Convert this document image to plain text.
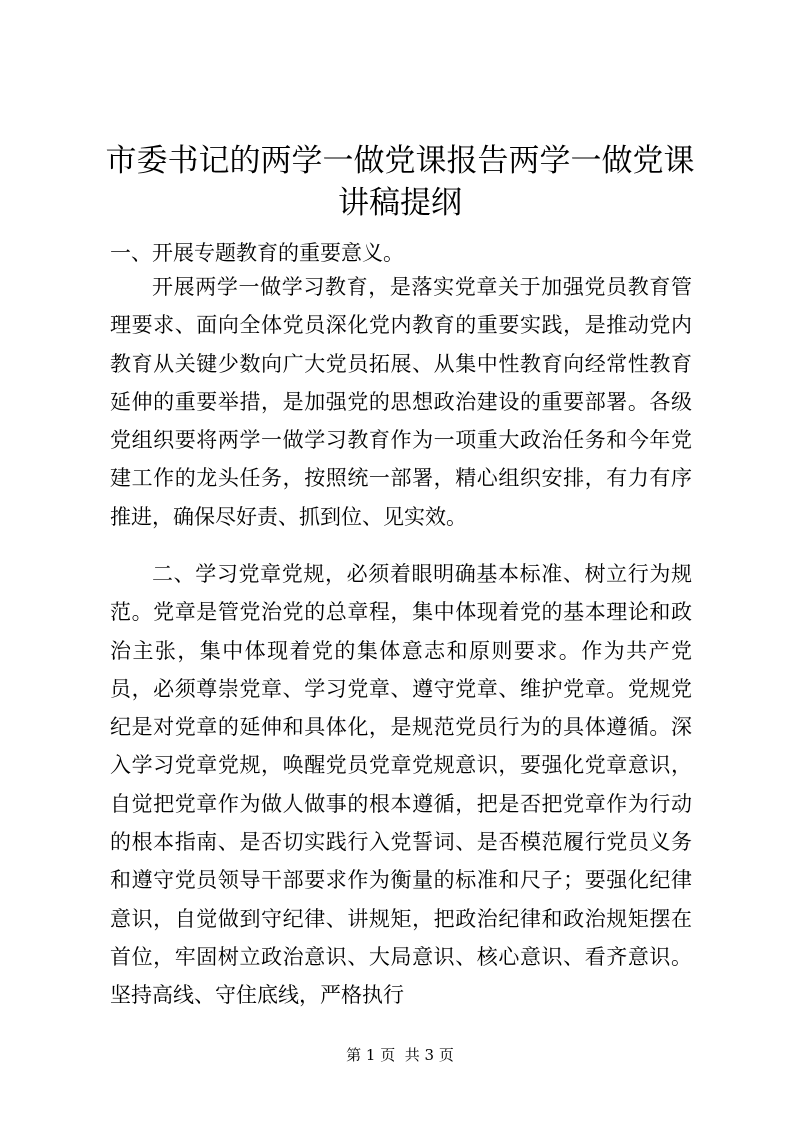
市委书记的两学一做党课报告两学一做党课讲稿提纲

一、开展专题教育的重要意义。

开展两学一做学习教育，是落实党章关于加强党员教育管理要求、面向全体党员深化党内教育的重要实践，是推动党内教育从关键少数向广大党员拓展、从集中性教育向经常性教育延伸的重要举措，是加强党的思想政治建设的重要部署。各级党组织要将两学一做学习教育作为一项重大政治任务和今年党建工作的龙头任务，按照统一部署，精心组织安排，有力有序推进，确保尽好责、抓到位、见实效。

二、学习党章党规，必须着眼明确基本标准、树立行为规范。党章是管党治党的总章程，集中体现着党的基本理论和政治主张，集中体现着党的集体意志和原则要求。作为共产党员，必须尊崇党章、学习党章、遵守党章、维护党章。党规党纪是对党章的延伸和具体化，是规范党员行为的具体遵循。深入学习党章党规，唤醒党员党章党规意识，要强化党章意识，自觉把党章作为做人做事的根本遵循，把是否把党章作为行动的根本指南、是否切实践行入党誓词、是否模范履行党员义务和遵守党员领导干部要求作为衡量的标准和尺子；要强化纪律意识，自觉做到守纪律、讲规矩，把政治纪律和政治规矩摆在首位，牢固树立政治意识、大局意识、核心意识、看齐意识。坚持高线、守住底线，严格执行

第 1 页  共 3 页
